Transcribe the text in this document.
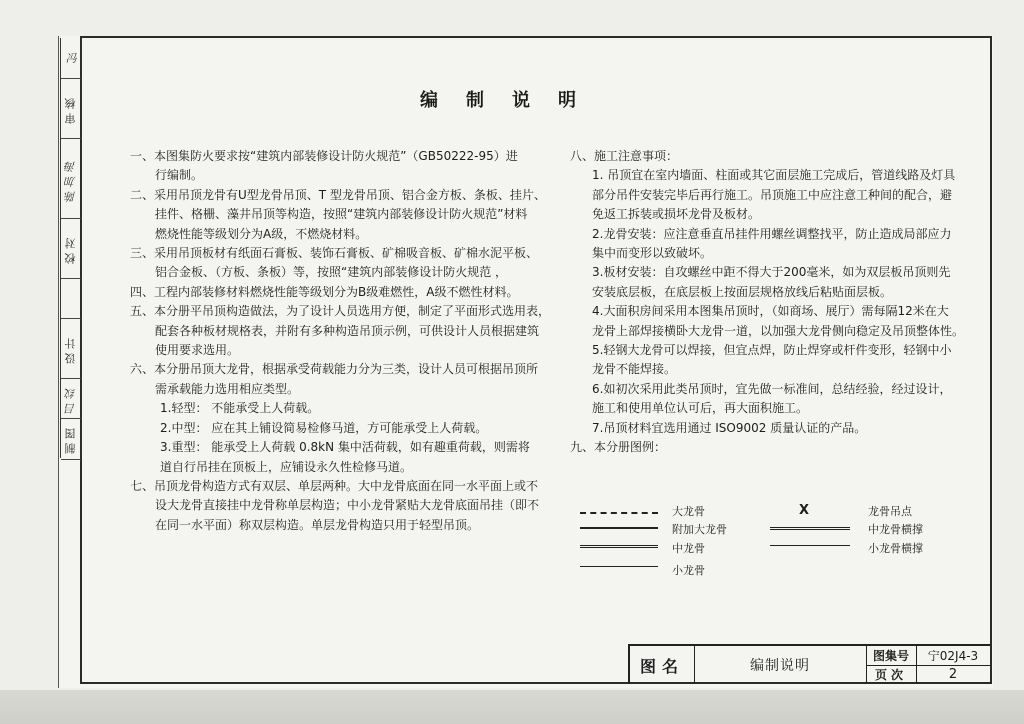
冯
审核
陈加海
校对
设计
吕纹
制图
编制说明

一、本图集防火要求按“建筑内部装修设计防火规范”（GB50222-95）进

行编制。

二、采用吊顶龙骨有U型龙骨吊顶、T 型龙骨吊顶、铝合金方板、条板、挂片、

挂件、格栅、藻井吊顶等构造，按照“建筑内部装修设计防火规范”材料

燃烧性能等级划分为A级，不燃烧材料。

三、采用吊顶板材有纸面石膏板、装饰石膏板、矿棉吸音板、矿棉水泥平板、

铝合金板、（方板、条板）等，按照“建筑内部装修设计防火规范 ，

四、工程内部装修材料燃烧性能等级划分为B级难燃性，A级不燃性材料。

五、本分册平吊顶构造做法，为了设计人员选用方便，制定了平面形式选用表，

配套各种板材规格表，并附有多种构造吊顶示例，可供设计人员根据建筑

使用要求选用。

六、本分册吊顶大龙骨，根据承受荷载能力分为三类，设计人员可根据吊顶所

需承载能力选用相应类型。

1.轻型： 不能承受上人荷载。

2.中型： 应在其上铺设简易检修马道，方可能承受上人荷载。

3.重型： 能承受上人荷载 0.8kN 集中活荷载，如有趣重荷载，则需将

道自行吊挂在顶板上，应铺设永久性检修马道。

七、吊顶龙骨构造方式有双层、单层两种。大中龙骨底面在同一水平面上或不

设大龙骨直接挂中龙骨称单层构造；中小龙骨紧贴大龙骨底面吊挂（即不

在同一水平面）称双层构造。单层龙骨构造只用于轻型吊顶。

八、施工注意事项：

1. 吊顶宜在室内墙面、柱面或其它面层施工完成后，管道线路及灯具

部分吊件安装完毕后再行施工。吊顶施工中应注意工种间的配合，避

免返工拆装或损坏龙骨及板材。

2.龙骨安装：应注意垂直吊挂件用螺丝调整找平，防止造成局部应力

集中而变形以致破坏。

3.板材安装：自攻螺丝中距不得大于200毫米，如为双层板吊顶则先

安装底层板，在底层板上按面层规格放线后粘贴面层板。

4.大面积房间采用本图集吊顶时，（如商场、展厅）需每隔12米在大

龙骨上部焊接横卧大龙骨一道，以加强大龙骨侧向稳定及吊顶整体性。

5.轻钢大龙骨可以焊接，但宜点焊，防止焊穿或杆件变形，轻钢中小

龙骨不能焊接。

6.如初次采用此类吊顶时，宜先做一标准间，总结经验，经过设计，

施工和使用单位认可后，再大面积施工。

7.吊顶材料宜选用通过 ISO9002 质量认证的产品。

九、本分册图例：

大龙骨
附加大龙骨
中龙骨
小龙骨
X	龙骨吊点
中龙骨横撑
小龙骨横撑
图名	编制说明
图集号	宁02J4-3
页次	2
